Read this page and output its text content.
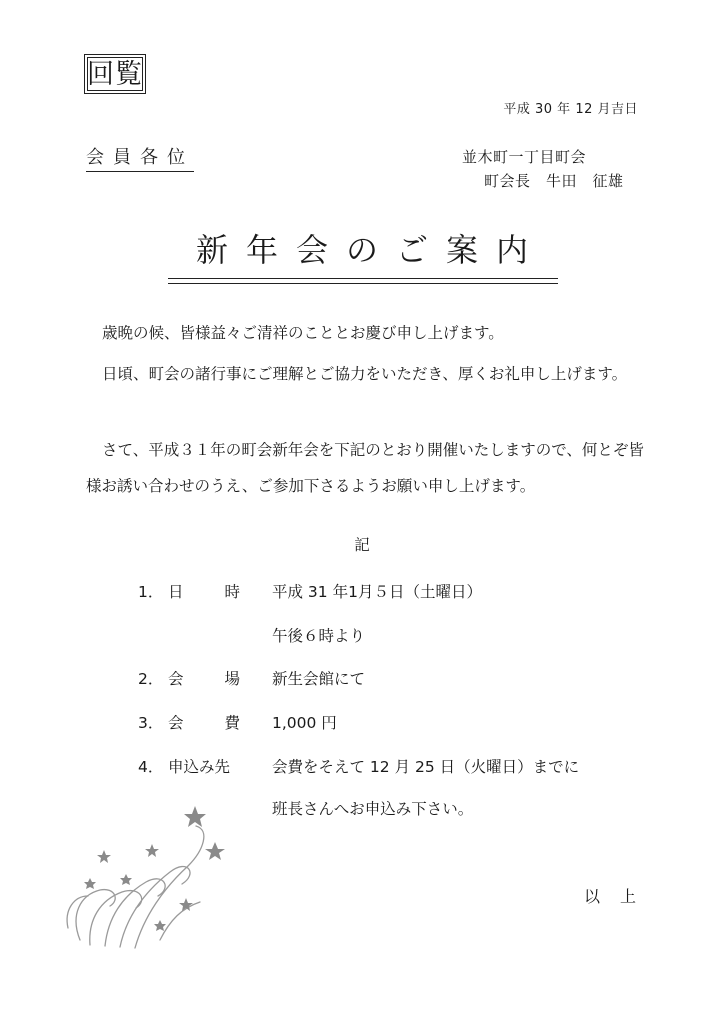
回覧
平成 30 年 12 月吉日
会員各位	並木町一丁目町会
町会長　牛田　征雄
新年会のご案内
歳晩の候、皆様益々ご清祥のこととお慶び申し上げます。
日頃、町会の諸行事にご理解とご協力をいただき、厚くお礼申し上げます。
さて、平成３１年の町会新年会を下記のとおり開催いたしますので、何とぞ皆様お誘い合わせのうえ、ご参加下さるようお願い申し上げます。
記
1． 日	時 平成 31 年1月５日（土曜日）
午後６時より
2． 会	場 新生会館にて
3． 会	費 1,000 円
4． 申込み先	会費をそえて 12 月 25 日（火曜日）までに
班長さんへお申込み下さい。
以上
